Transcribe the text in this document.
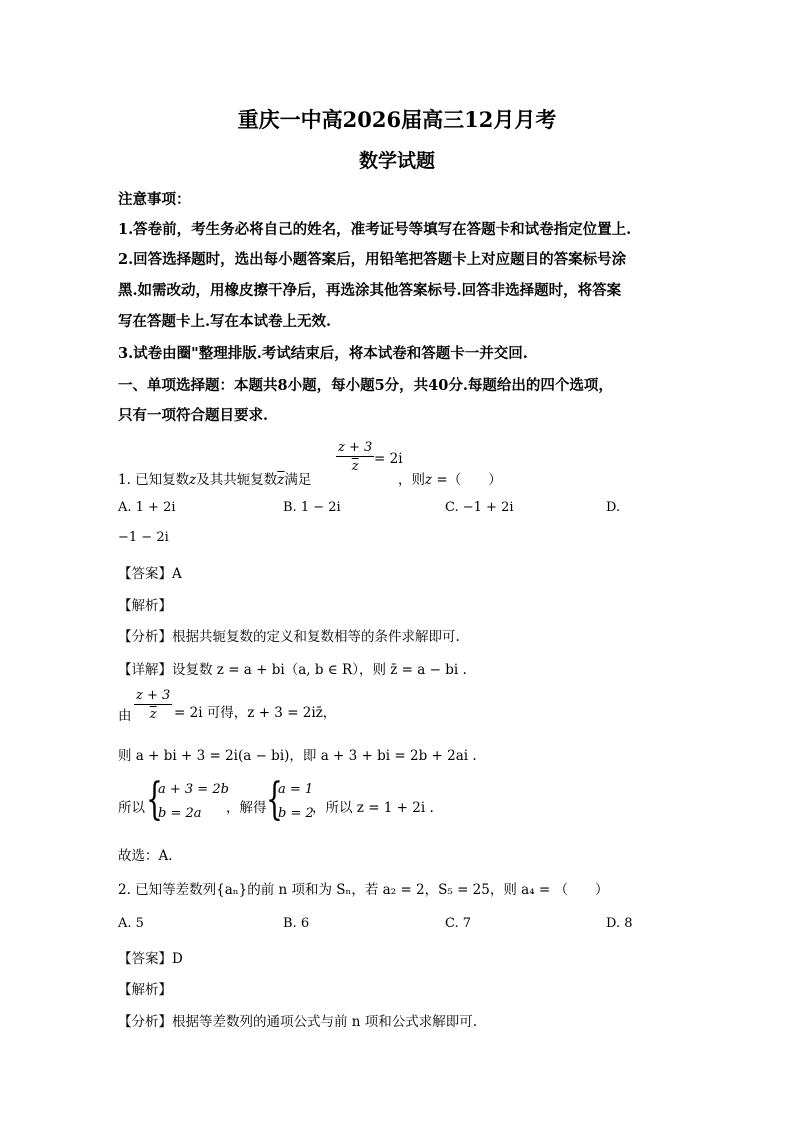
重庆一中高2026届高三12月月考
数学试题
注意事项：
1.答卷前，考生务必将自己的姓名，准考证号等填写在答题卡和试卷指定位置上.
2.回答选择题时，选出每小题答案后，用铅笔把答题卡上对应题目的答案标号涂
黑.如需改动，用橡皮擦干净后，再选涂其他答案标号.回答非选择题时，将答案
写在答题卡上.写在本试卷上无效.
3.试卷由圈"整理排版.考试结束后，将本试卷和答题卡一并交回.
一、单项选择题：本题共8小题，每小题5分，共40分.每题给出的四个选项，
只有一项符合题目要求.
1. 已知复数z及其共轭复数$\overline{z}$满足
$\frac{z + 3}{z} = 2i$
，则z =（　　）
A. 1 + 2i	B. 1 − 2i	C. −1 + 2i	D.
−1 − 2i
【答案】A
【解析】
【分析】根据共轭复数的定义和复数相等的条件求解即可.
【详解】设复数 z = a + bi（a, b ∈ R），则 z̄ = a − bi .
由 $\frac{z + 3}{z} = 2i$ 可得，z + 3 = 2iz̄，
则 a + bi + 3 = 2i(a − bi)，即 a + 3 + bi = 2b + 2ai .
所以 {
a + 3 = 2b
b = 2a ，解得 {
a = 1
b = 2
，所以 z = 1 + 2i .
故选：A.
2. 已知等差数列{aₙ}的前 n 项和为 Sₙ，若 a₂ = 2，S₅ = 25，则 a₄ = （　　）
A. 5	B. 6	C. 7	D. 8
【答案】D
【解析】
【分析】根据等差数列的通项公式与前 n 项和公式求解即可.
